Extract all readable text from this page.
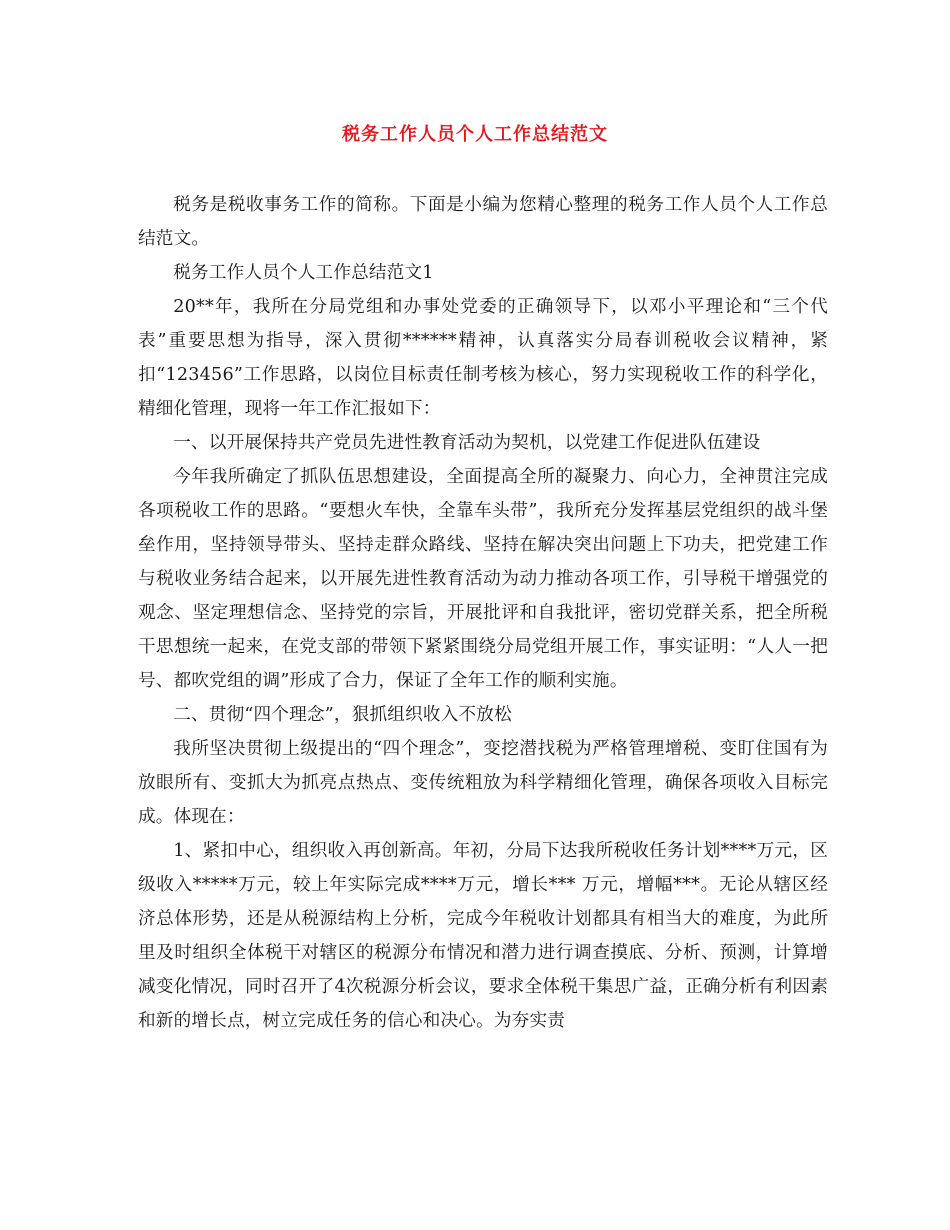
税务工作人员个人工作总结范文

税务是税收事务工作的简称。下面是小编为您精心整理的税务工作人员个人工作总结范文。

税务工作人员个人工作总结范文1

20**年，我所在分局党组和办事处党委的正确领导下，以邓小平理论和“三个代表”重要思想为指导，深入贯彻******精神，认真落实分局春训税收会议精神，紧扣“123456”工作思路，以岗位目标责任制考核为核心，努力实现税收工作的科学化，精细化管理，现将一年工作汇报如下：

一、以开展保持共产党员先进性教育活动为契机，以党建工作促进队伍建设

今年我所确定了抓队伍思想建设，全面提高全所的凝聚力、向心力，全神贯注完成各项税收工作的思路。“要想火车快，全靠车头带”，我所充分发挥基层党组织的战斗堡垒作用，坚持领导带头、坚持走群众路线、坚持在解决突出问题上下功夫，把党建工作与税收业务结合起来，以开展先进性教育活动为动力推动各项工作，引导税干增强党的观念、坚定理想信念、坚持党的宗旨，开展批评和自我批评，密切党群关系，把全所税干思想统一起来，在党支部的带领下紧紧围绕分局党组开展工作，事实证明：“人人一把号、都吹党组的调”形成了合力，保证了全年工作的顺利实施。

二、贯彻“四个理念”，狠抓组织收入不放松

我所坚决贯彻上级提出的“四个理念”，变挖潜找税为严格管理增税、变盯住国有为放眼所有、变抓大为抓亮点热点、变传统粗放为科学精细化管理，确保各项收入目标完成。体现在：

1、紧扣中心，组织收入再创新高。年初，分局下达我所税收任务计划****万元，区级收入*****万元，较上年实际完成****万元，增长*** 万元，增幅***。无论从辖区经济总体形势，还是从税源结构上分析，完成今年税收计划都具有相当大的难度，为此所里及时组织全体税干对辖区的税源分布情况和潜力进行调查摸底、分析、预测，计算增减变化情况，同时召开了4次税源分析会议，要求全体税干集思广益，正确分析有利因素和新的增长点，树立完成任务的信心和决心。为夯实责
